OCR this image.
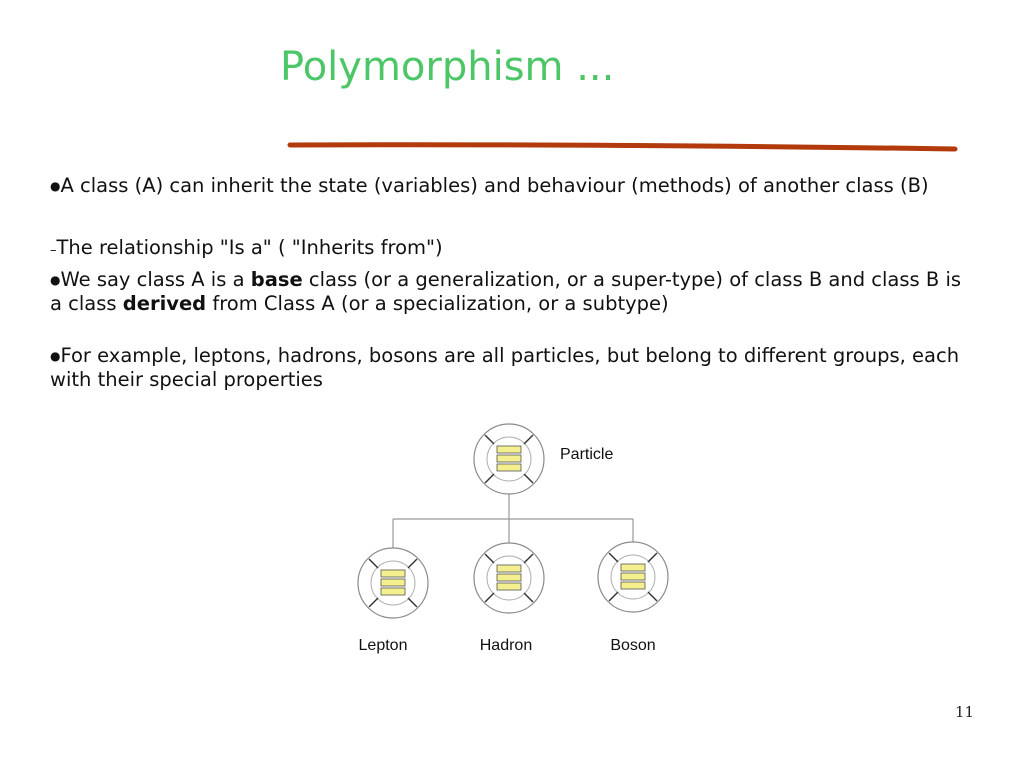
Polymorphism ...

●A class (A) can inherit the state (variables) and behaviour (methods) of another class (B)

–The relationship "Is a" ( "Inherits from")

●We say class A is a base class (or a generalization, or a super-type) of class B and class B is a class derived from Class A (or a specialization, or a subtype)

●For example, leptons, hadrons, bosons are all particles, but belong to different groups, each with their special properties

Particle
Lepton	Hadron	Boson
11
